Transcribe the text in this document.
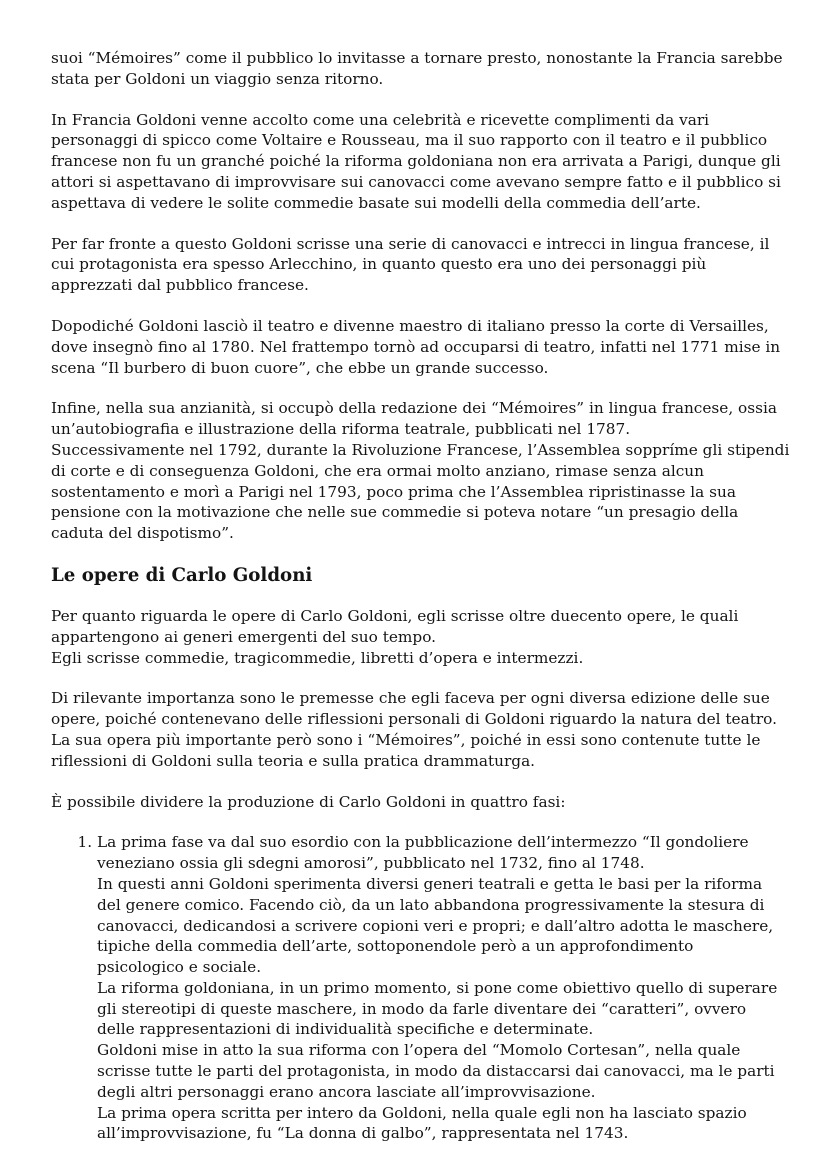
suoi “Mémoires” come il pubblico lo invitasse a tornare presto, nonostante la Francia sarebbe
stata per Goldoni un viaggio senza ritorno.

In Francia Goldoni venne accolto come una celebrità e ricevette complimenti da vari
personaggi di spicco come Voltaire e Rousseau, ma il suo rapporto con il teatro e il pubblico
francese non fu un granché poiché la riforma goldoniana non era arrivata a Parigi, dunque gli
attori si aspettavano di improvvisare sui canovacci come avevano sempre fatto e il pubblico si
aspettava di vedere le solite commedie basate sui modelli della commedia dell’arte.

Per far fronte a questo Goldoni scrisse una serie di canovacci e intrecci in lingua francese, il
cui protagonista era spesso Arlecchino, in quanto questo era uno dei personaggi più
apprezzati dal pubblico francese.

Dopodiché Goldoni lasciò il teatro e divenne maestro di italiano presso la corte di Versailles,
dove insegnò fino al 1780. Nel frattempo tornò ad occuparsi di teatro, infatti nel 1771 mise in
scena “Il burbero di buon cuore”, che ebbe un grande successo.

Infine, nella sua anzianità, si occupò della redazione dei “Mémoires” in lingua francese, ossia
un’autobiografia e illustrazione della riforma teatrale, pubblicati nel 1787.
Successivamente nel 1792, durante la Rivoluzione Francese, l’Assemblea soppríme gli stipendi
di corte e di conseguenza Goldoni, che era ormai molto anziano, rimase senza alcun
sostentamento e morì a Parigi nel 1793, poco prima che l’Assemblea ripristinasse la sua
pensione con la motivazione che nelle sue commedie si poteva notare “un presagio della
caduta del dispotismo”.

Le opere di Carlo Goldoni

Per quanto riguarda le opere di Carlo Goldoni, egli scrisse oltre duecento opere, le quali
appartengono ai generi emergenti del suo tempo.
Egli scrisse commedie, tragicommedie, libretti d’opera e intermezzi.

Di rilevante importanza sono le premesse che egli faceva per ogni diversa edizione delle sue
opere, poiché contenevano delle riflessioni personali di Goldoni riguardo la natura del teatro.
La sua opera più importante però sono i “Mémoires”, poiché in essi sono contenute tutte le
riflessioni di Goldoni sulla teoria e sulla pratica drammaturga.

È possibile dividere la produzione di Carlo Goldoni in quattro fasi:

1. La prima fase va dal suo esordio con la pubblicazione dell’intermezzo “Il gondoliere
veneziano ossia gli sdegni amorosi”, pubblicato nel 1732, fino al 1748.
In questi anni Goldoni sperimenta diversi generi teatrali e getta le basi per la riforma
del genere comico. Facendo ciò, da un lato abbandona progressivamente la stesura di
canovacci, dedicandosi a scrivere copioni veri e propri; e dall’altro adotta le maschere,
tipiche della commedia dell’arte, sottoponendole però a un approfondimento
psicologico e sociale.
La riforma goldoniana, in un primo momento, si pone come obiettivo quello di superare
gli stereotipi di queste maschere, in modo da farle diventare dei “caratteri”, ovvero
delle rappresentazioni di individualità specifiche e determinate.
Goldoni mise in atto la sua riforma con l’opera del “Momolo Cortesan”, nella quale
scrisse tutte le parti del protagonista, in modo da distaccarsi dai canovacci, ma le parti
degli altri personaggi erano ancora lasciate all’improvvisazione.
La prima opera scritta per intero da Goldoni, nella quale egli non ha lasciato spazio
all’improvvisazione, fu “La donna di galbo”, rappresentata nel 1743.
